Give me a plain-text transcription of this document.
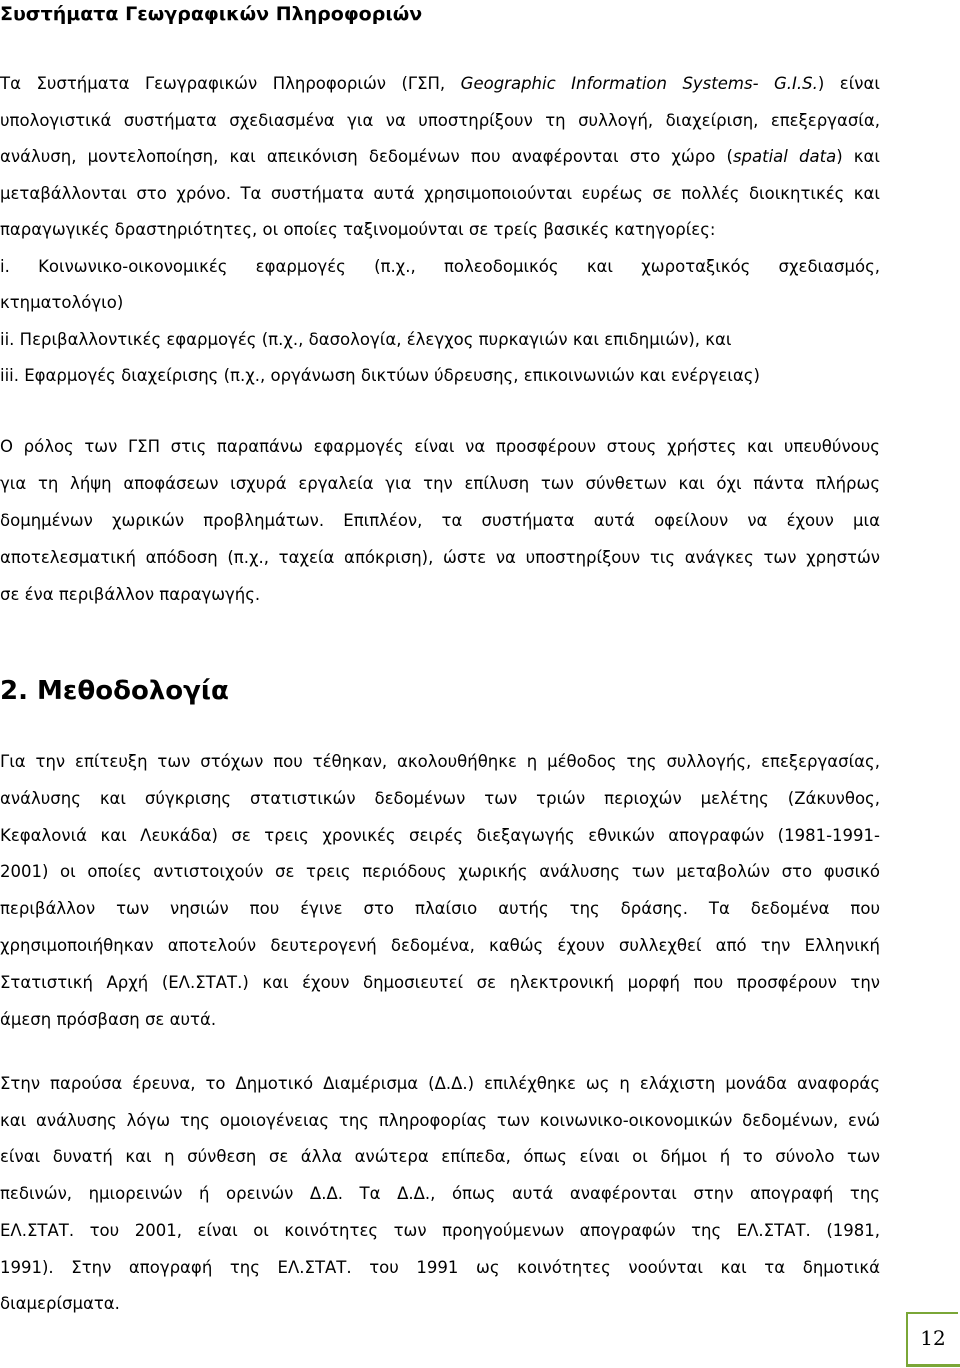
Συστήματα Γεωγραφικών Πληροφοριών
Τα Συστήματα Γεωγραφικών Πληροφοριών (ΓΣΠ, Geographic Information Systems- G.I.S.) είναι
υπολογιστικά συστήματα σχεδιασμένα για να υποστηρίξουν τη συλλογή, διαχείριση, επεξεργασία,
ανάλυση, μοντελοποίηση, και απεικόνιση δεδομένων που αναφέρονται στο χώρο (spatial data) και
μεταβάλλονται στο χρόνο. Τα συστήματα αυτά χρησιμοποιούνται ευρέως σε πολλές διοικητικές και
παραγωγικές δραστηριότητες, οι οποίες ταξινομούνται σε τρείς βασικές κατηγορίες:
i. Κοινωνικο-οικονομικές εφαρμογές (π.χ., πολεοδομικός και χωροταξικός σχεδιασμός,
κτηματολόγιο)
ii. Περιβαλλοντικές εφαρμογές (π.χ., δασολογία, έλεγχος πυρκαγιών και επιδημιών), και
iii. Εφαρμογές διαχείρισης (π.χ., οργάνωση δικτύων ύδρευσης, επικοινωνιών και ενέργειας)
Ο ρόλος των ΓΣΠ στις παραπάνω εφαρμογές είναι να προσφέρουν στους χρήστες και υπευθύνους
για τη λήψη αποφάσεων ισχυρά εργαλεία για την επίλυση των σύνθετων και όχι πάντα πλήρως
δομημένων χωρικών προβλημάτων. Επιπλέον, τα συστήματα αυτά οφείλουν να έχουν μια
αποτελεσματική απόδοση (π.χ., ταχεία απόκριση), ώστε να υποστηρίξουν τις ανάγκες των χρηστών
σε ένα περιβάλλον παραγωγής.
2. Μεθοδολογία
Για την επίτευξη των στόχων που τέθηκαν, ακολουθήθηκε η μέθοδος της συλλογής, επεξεργασίας,
ανάλυσης και σύγκρισης στατιστικών δεδομένων των τριών περιοχών μελέτης (Ζάκυνθος,
Κεφαλονιά και Λευκάδα) σε τρεις χρονικές σειρές διεξαγωγής εθνικών απογραφών (1981-1991-
2001) οι οποίες αντιστοιχούν σε τρεις περιόδους χωρικής ανάλυσης των μεταβολών στο φυσικό
περιβάλλον των νησιών που έγινε στο πλαίσιο αυτής της δράσης. Τα δεδομένα που
χρησιμοποιήθηκαν αποτελούν δευτερογενή δεδομένα, καθώς έχουν συλλεχθεί από την Ελληνική
Στατιστική Αρχή (ΕΛ.ΣΤΑΤ.) και έχουν δημοσιευτεί σε ηλεκτρονική μορφή που προσφέρουν την
άμεση πρόσβαση σε αυτά.
Στην παρούσα έρευνα, το Δημοτικό Διαμέρισμα (Δ.Δ.) επιλέχθηκε ως η ελάχιστη μονάδα αναφοράς
και ανάλυσης λόγω της ομοιογένειας της πληροφορίας των κοινωνικο-οικονομικών δεδομένων, ενώ
είναι δυνατή και η σύνθεση σε άλλα ανώτερα επίπεδα, όπως είναι οι δήμοι ή το σύνολο των
πεδινών, ημιορεινών ή ορεινών Δ.Δ. Τα Δ.Δ., όπως αυτά αναφέρονται στην απογραφή της
ΕΛ.ΣΤΑΤ. του 2001, είναι οι κοινότητες των προηγούμενων απογραφών της ΕΛ.ΣΤΑΤ. (1981,
1991). Στην απογραφή της ΕΛ.ΣΤΑΤ. του 1991 ως κοινότητες νοούνται και τα δημοτικά
διαμερίσματα.
12
